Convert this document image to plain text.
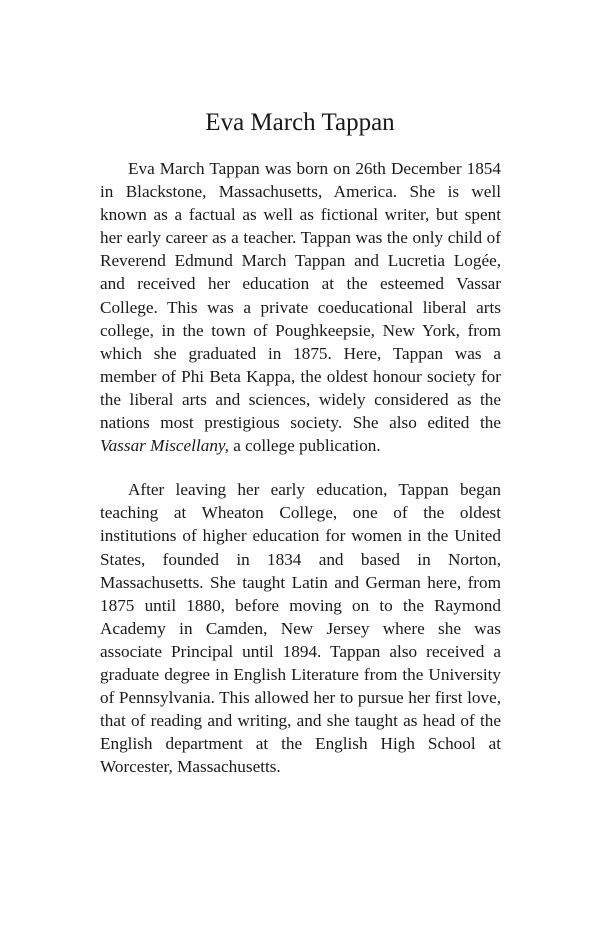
Eva March Tappan

Eva March Tappan was born on 26th December 1854 in Blackstone, Massachusetts, America. She is well known as a factual as well as fictional writer, but spent her early career as a teacher. Tappan was the only child of Reverend Edmund March Tappan and Lucretia Logée, and received her education at the esteemed Vassar College. This was a private coeducational liberal arts college, in the town of Poughkeepsie, New York, from which she graduated in 1875. Here, Tappan was a member of Phi Beta Kappa, the oldest honour society for the liberal arts and sciences, widely considered as the nations most prestigious society. She also edited the Vassar Miscellany, a college publication.

After leaving her early education, Tappan began teaching at Wheaton College, one of the oldest institutions of higher education for women in the United States, founded in 1834 and based in Norton, Massachusetts. She taught Latin and German here, from 1875 until 1880, before moving on to the Raymond Academy in Camden, New Jersey where she was associate Principal until 1894. Tappan also received a graduate degree in English Literature from the University of Pennsylvania. This allowed her to pursue her first love, that of reading and writing, and she taught as head of the English department at the English High School at Worcester, Massachusetts.
